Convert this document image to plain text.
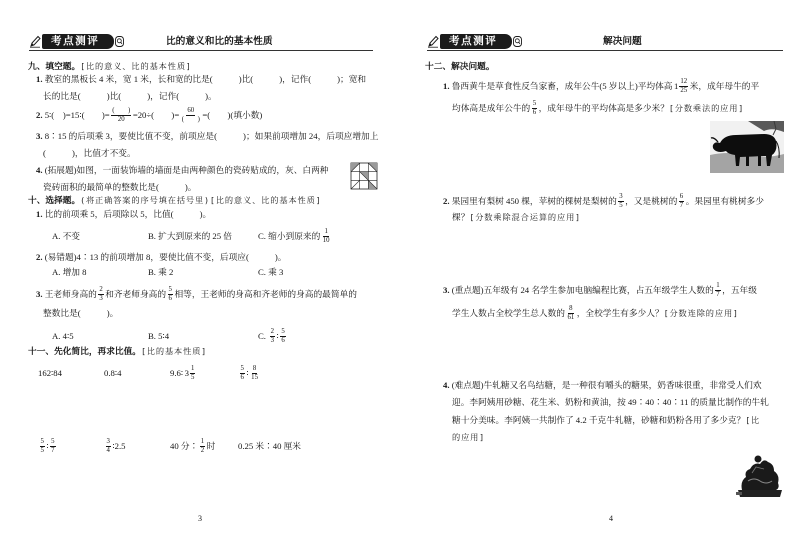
考点测评	比的意义和比的基本性质
九、填空题。 [比的意义、比的基本性质]
1. 教室的黑板长 4 米，宽 1 米，长和宽的比是(　　　)比(　　　)，记作(　　　)；宽和
长的比是(　　　)比(　　　)，记作(　　　)。
2. 5∶(　)=15∶(　　)= $\frac{( )}{20} =20\div$(　　)= $\frac{60}{( )}$ =(　　)(填小数)
3. 8∶15 的后项乘 3，要使比值不变，前项应是(　　　)；如果前项增加 24，后项应增加上
(　　　)，比值才不变。
4. (拓展题)如图，一面装饰墙的墙面是由两种颜色的瓷砖贴成的，灰、白两种
瓷砖面积的最简单的整数比是(　　　)。
十、选择题。 (将正确答案的序号填在括号里)[比的意义、比的基本性质]
1. 比的前项乘 5，后项除以 5，比值(　　　)。
A. 不变	B. 扩大到原来的 25 倍	C. 缩小到原来的 $\frac{1}{10}$
2. (易错题)4∶13 的前项增加 8，要使比值不变，后项应(　　　)。
A. 增加 8	B. 乘 2	C. 乘 3
3. 王老师身高的 $\frac{2}{3}$ 和齐老师身高的 $\frac{5}{6}$ 相等，王老师的身高和齐老师的身高的最简单的
整数比是(　　　)。
A. 4∶5	B. 5∶4	C. $\frac{2}{3}$ ∶ $\frac{5}{6}$
十一、先化简比，再求比值。 [比的基本性质]
162∶84	0.8∶4	9.6∶ $3 \frac{1}{5}$	$\frac{5}{6}$ ∶ $\frac{8}{15}$
$\frac{5}{5}$ ∶ $\frac{5}{7}$	$\frac{3}{4}$ ∶2.5	40 分∶ $\frac{1}{2}$ 时	0.25 米∶40 厘米
3
考点测评	解决问题
十二、解决问题。
1. 鲁西黄牛是草食性反刍家畜，成年公牛(5 岁以上)平均体高 $1 \frac{12}{25}$ 米，成年母牛的平
均体高是成年公牛的 $\frac{5}{6}$ ，成年母牛的平均体高是多少米？ [分数乘法的应用]
2. 果园里有梨树 450 棵，苹树的棵树是梨树的 $\frac{3}{5}$ ，又是桃树的 $\frac{6}{7}$ 。果园里有桃树多少
棵？ [分数乘除混合运算的应用]
3. (重点题)五年级有 24 名学生参加电脑编程比赛，占五年级学生人数的 $\frac{1}{7}$ ，五年级
学生人数占全校学生总人数的 $\frac{8}{61}$ ，全校学生有多少人？ [分数连除的应用]
4. (难点题)牛轧糖又名鸟结糖，是一种很有嚼头的糖果，奶香味很重，非常受人们欢
迎。李阿姨用砂糖、花生米、奶粉和黄油，按 49∶40∶40∶11 的质量比制作的牛轧
糖十分美味。李阿姨一共制作了 4.2 千克牛轧糖，砂糖和奶粉各用了多少克？ [比
的应用]
4
